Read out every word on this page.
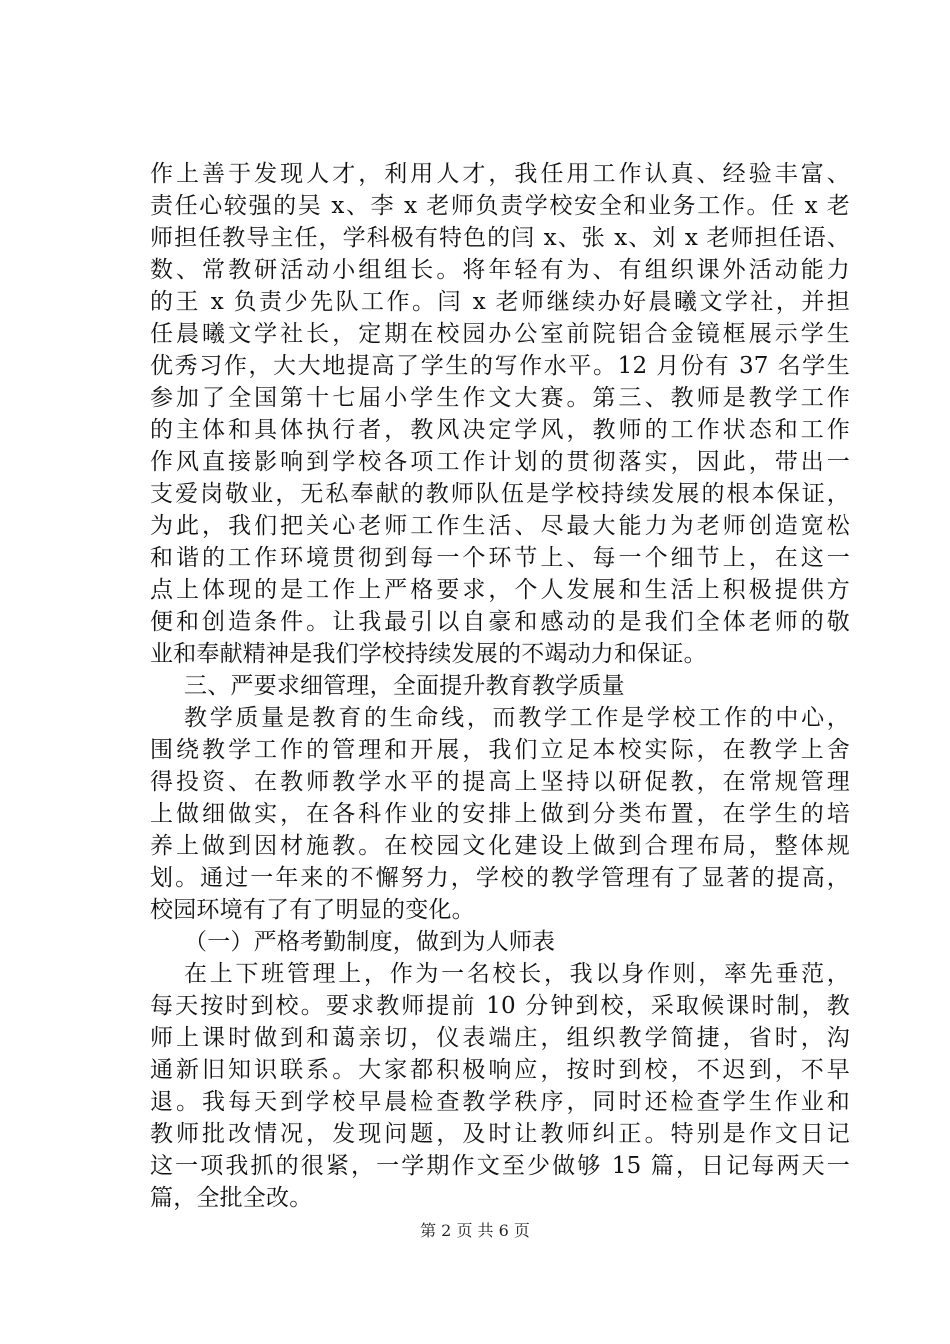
作上善于发现人才，利用人才，我任用工作认真、经验丰富、
责任心较强的吴 x、李 x 老师负责学校安全和业务工作。任 x 老
师担任教导主任，学科极有特色的闫 x、张 x、刘 x 老师担任语、
数、常教研活动小组组长。将年轻有为、有组织课外活动能力
的王 x 负责少先队工作。闫 x 老师继续办好晨曦文学社，并担
任晨曦文学社长，定期在校园办公室前院铝合金镜框展示学生
优秀习作，大大地提高了学生的写作水平。12 月份有 37 名学生
参加了全国第十七届小学生作文大赛。第三、教师是教学工作
的主体和具体执行者，教风决定学风，教师的工作状态和工作
作风直接影响到学校各项工作计划的贯彻落实，因此，带出一
支爱岗敬业，无私奉献的教师队伍是学校持续发展的根本保证，
为此，我们把关心老师工作生活、尽最大能力为老师创造宽松
和谐的工作环境贯彻到每一个环节上、每一个细节上，在这一
点上体现的是工作上严格要求，个人发展和生活上积极提供方
便和创造条件。让我最引以自豪和感动的是我们全体老师的敬
业和奉献精神是我们学校持续发展的不竭动力和保证。
三、严要求细管理，全面提升教育教学质量
教学质量是教育的生命线，而教学工作是学校工作的中心，
围绕教学工作的管理和开展，我们立足本校实际，在教学上舍
得投资、在教师教学水平的提高上坚持以研促教，在常规管理
上做细做实，在各科作业的安排上做到分类布置，在学生的培
养上做到因材施教。在校园文化建设上做到合理布局，整体规
划。通过一年来的不懈努力，学校的教学管理有了显著的提高，
校园环境有了有了明显的变化。
（一）严格考勤制度，做到为人师表
在上下班管理上，作为一名校长，我以身作则，率先垂范，
每天按时到校。要求教师提前 10 分钟到校，采取候课时制，教
师上课时做到和蔼亲切，仪表端庄，组织教学简捷，省时，沟
通新旧知识联系。大家都积极响应，按时到校，不迟到，不早
退。我每天到学校早晨检查教学秩序，同时还检查学生作业和
教师批改情况，发现问题，及时让教师纠正。特别是作文日记
这一项我抓的很紧，一学期作文至少做够 15 篇，日记每两天一
篇，全批全改。
第 2 页 共 6 页
